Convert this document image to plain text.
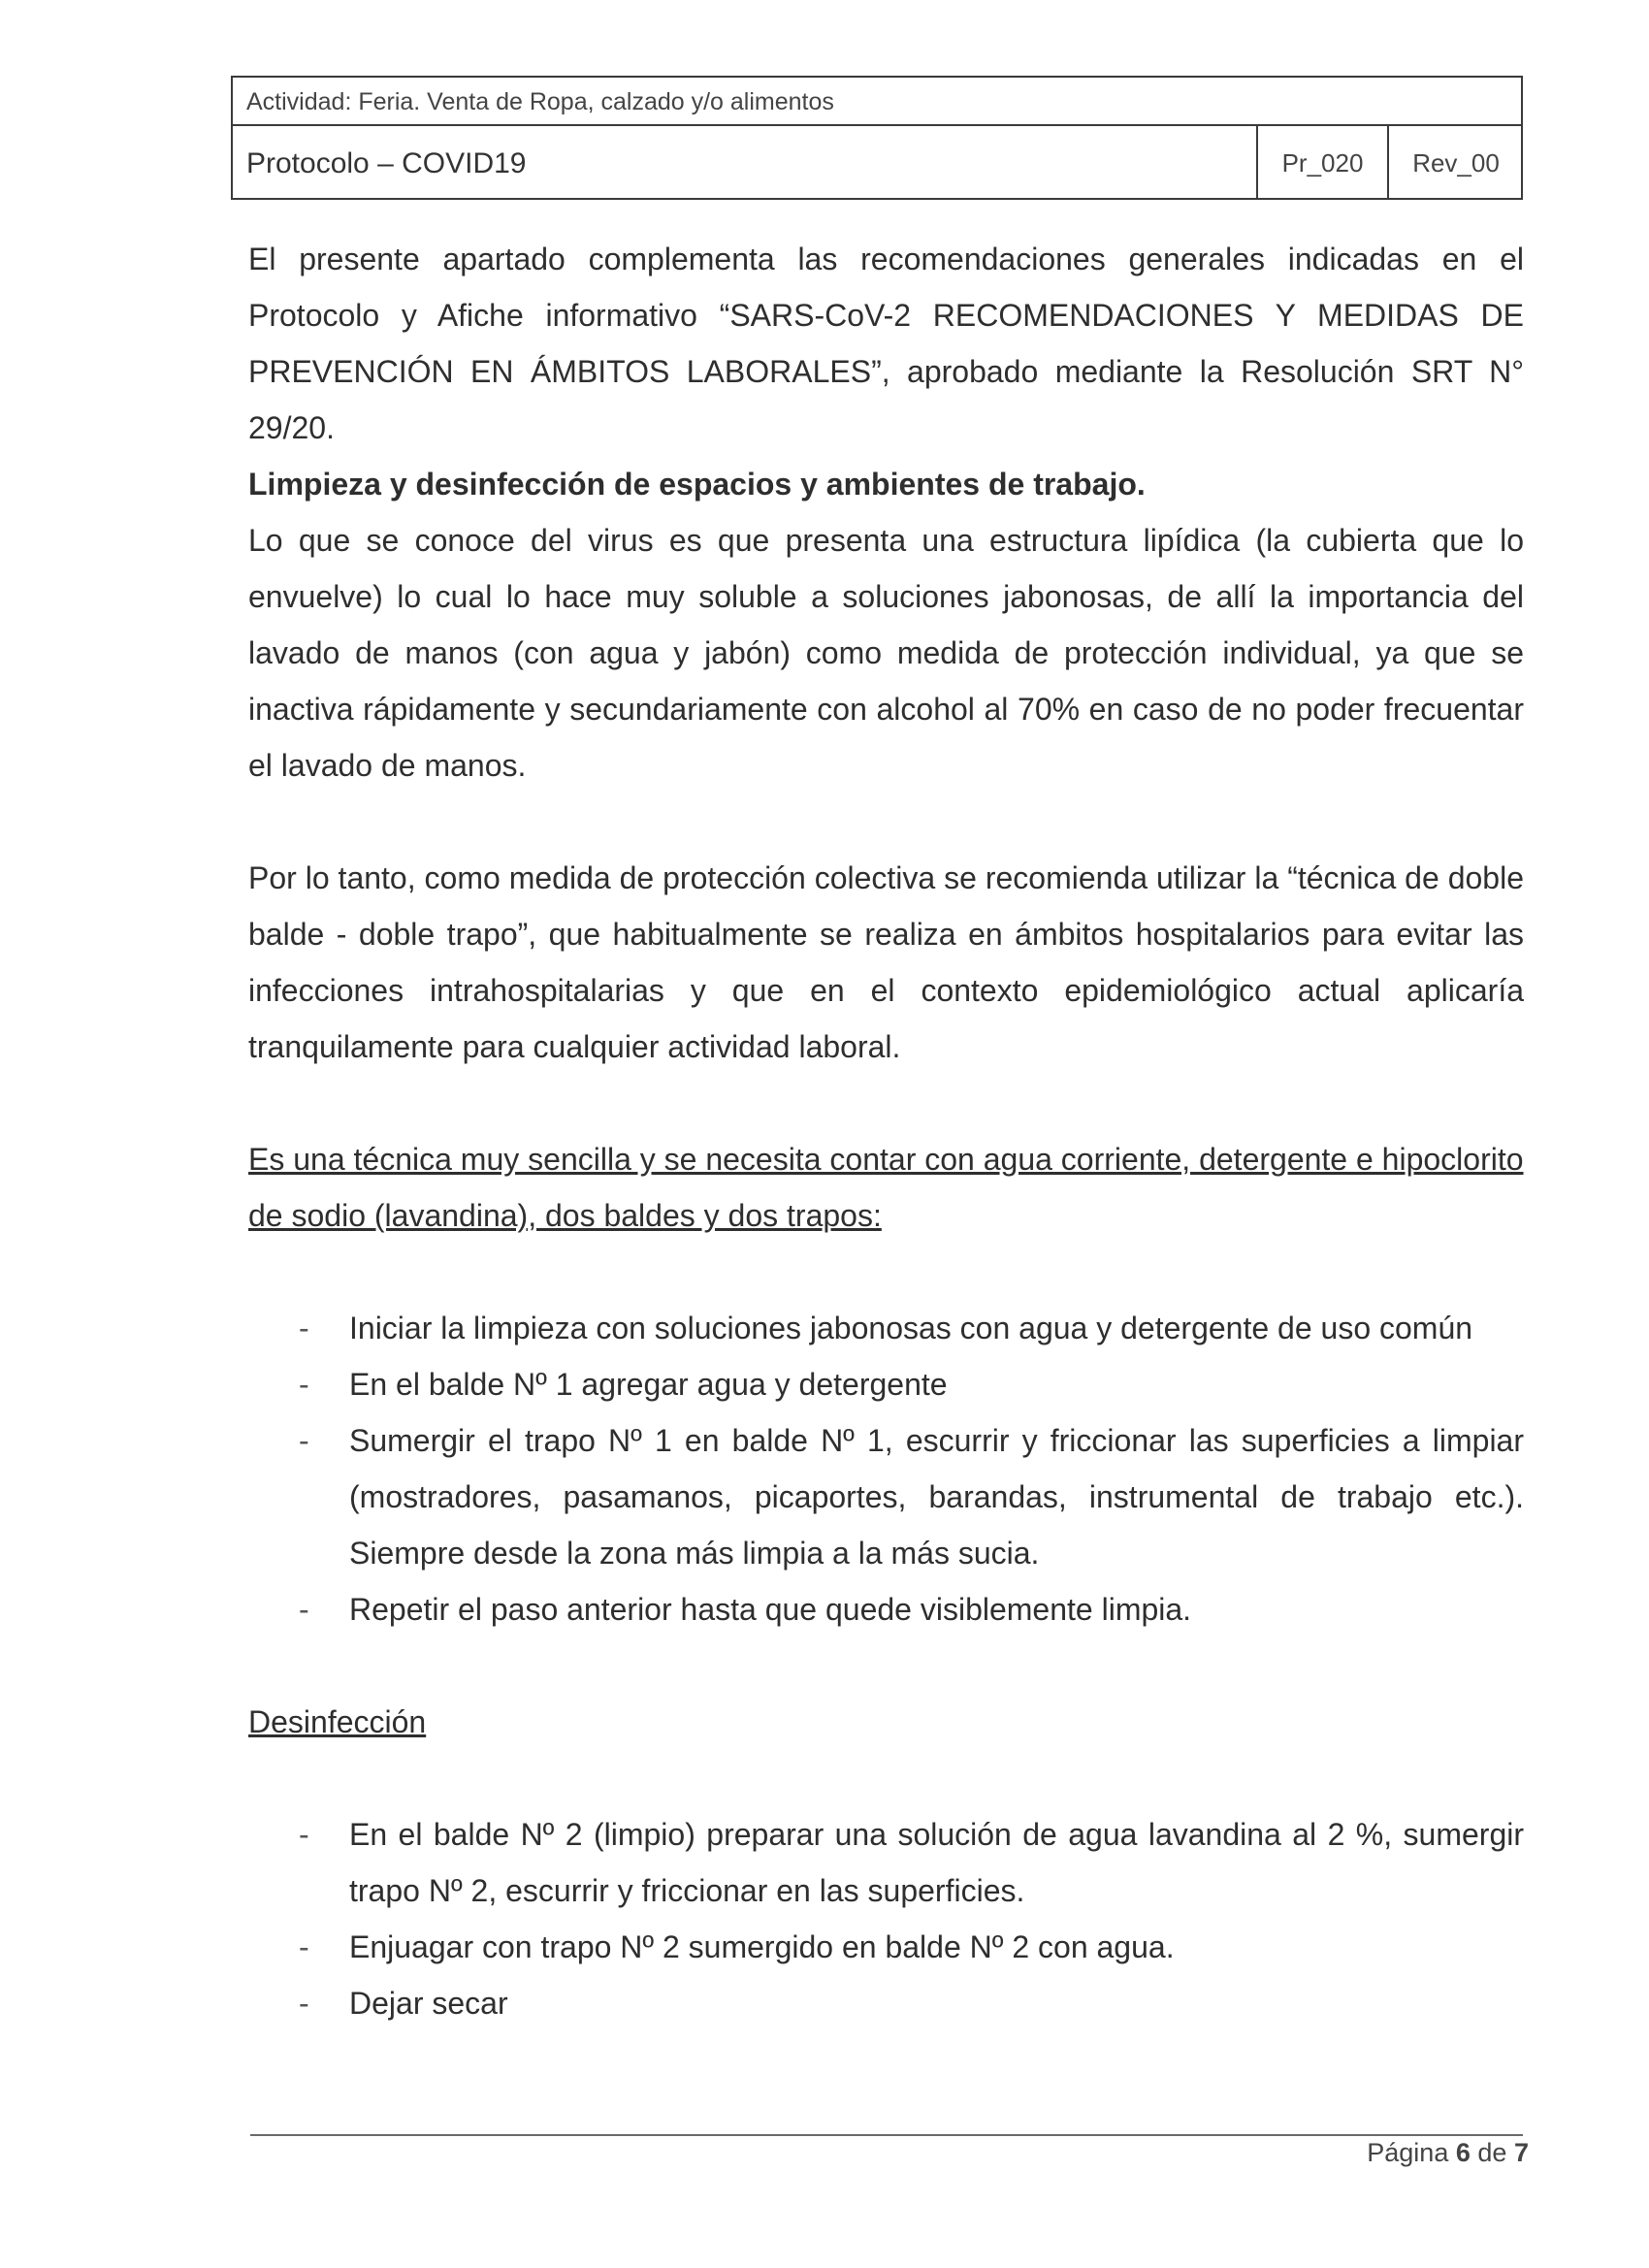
Actividad: Feria. Venta de Ropa, calzado y/o alimentos
Protocolo – COVID19	Pr_020	Rev_00

El presente apartado complementa las recomendaciones generales indicadas en el Protocolo y Afiche informativo “SARS-CoV-2 RECOMENDACIONES Y MEDIDAS DE PREVENCIÓN EN ÁMBITOS LABORALES”, aprobado mediante la Resolución SRT N° 29/20.

Limpieza y desinfección de espacios y ambientes de trabajo.

Lo que se conoce del virus es que presenta una estructura lipídica (la cubierta que lo envuelve) lo cual lo hace muy soluble a soluciones jabonosas, de allí la importancia del lavado de manos (con agua y jabón) como medida de protección individual, ya que se inactiva rápidamente y secundariamente con alcohol al 70% en caso de no poder frecuentar el lavado de manos.

Por lo tanto, como medida de protección colectiva se recomienda utilizar la “técnica de doble balde - doble trapo”, que habitualmente se realiza en ámbitos hospitalarios para evitar las infecciones intrahospitalarias y que en el contexto epidemiológico actual aplicaría tranquilamente para cualquier actividad laboral.

Es una técnica muy sencilla y se necesita contar con agua corriente, detergente e hipoclorito de sodio (lavandina), dos baldes y dos trapos:

- Iniciar la limpieza con soluciones jabonosas con agua y detergente de uso común
- En el balde Nº 1 agregar agua y detergente
- Sumergir el trapo Nº 1 en balde Nº 1, escurrir y friccionar las superficies a limpiar (mostradores, pasamanos, picaportes, barandas, instrumental de trabajo etc.). Siempre desde la zona más limpia a la más sucia.
- Repetir el paso anterior hasta que quede visiblemente limpia.

Desinfección

- En el balde Nº 2 (limpio) preparar una solución de agua lavandina al 2 %, sumergir trapo Nº 2, escurrir y friccionar en las superficies.
- Enjuagar con trapo Nº 2 sumergido en balde Nº 2 con agua.
- Dejar secar
Página 6 de 7
